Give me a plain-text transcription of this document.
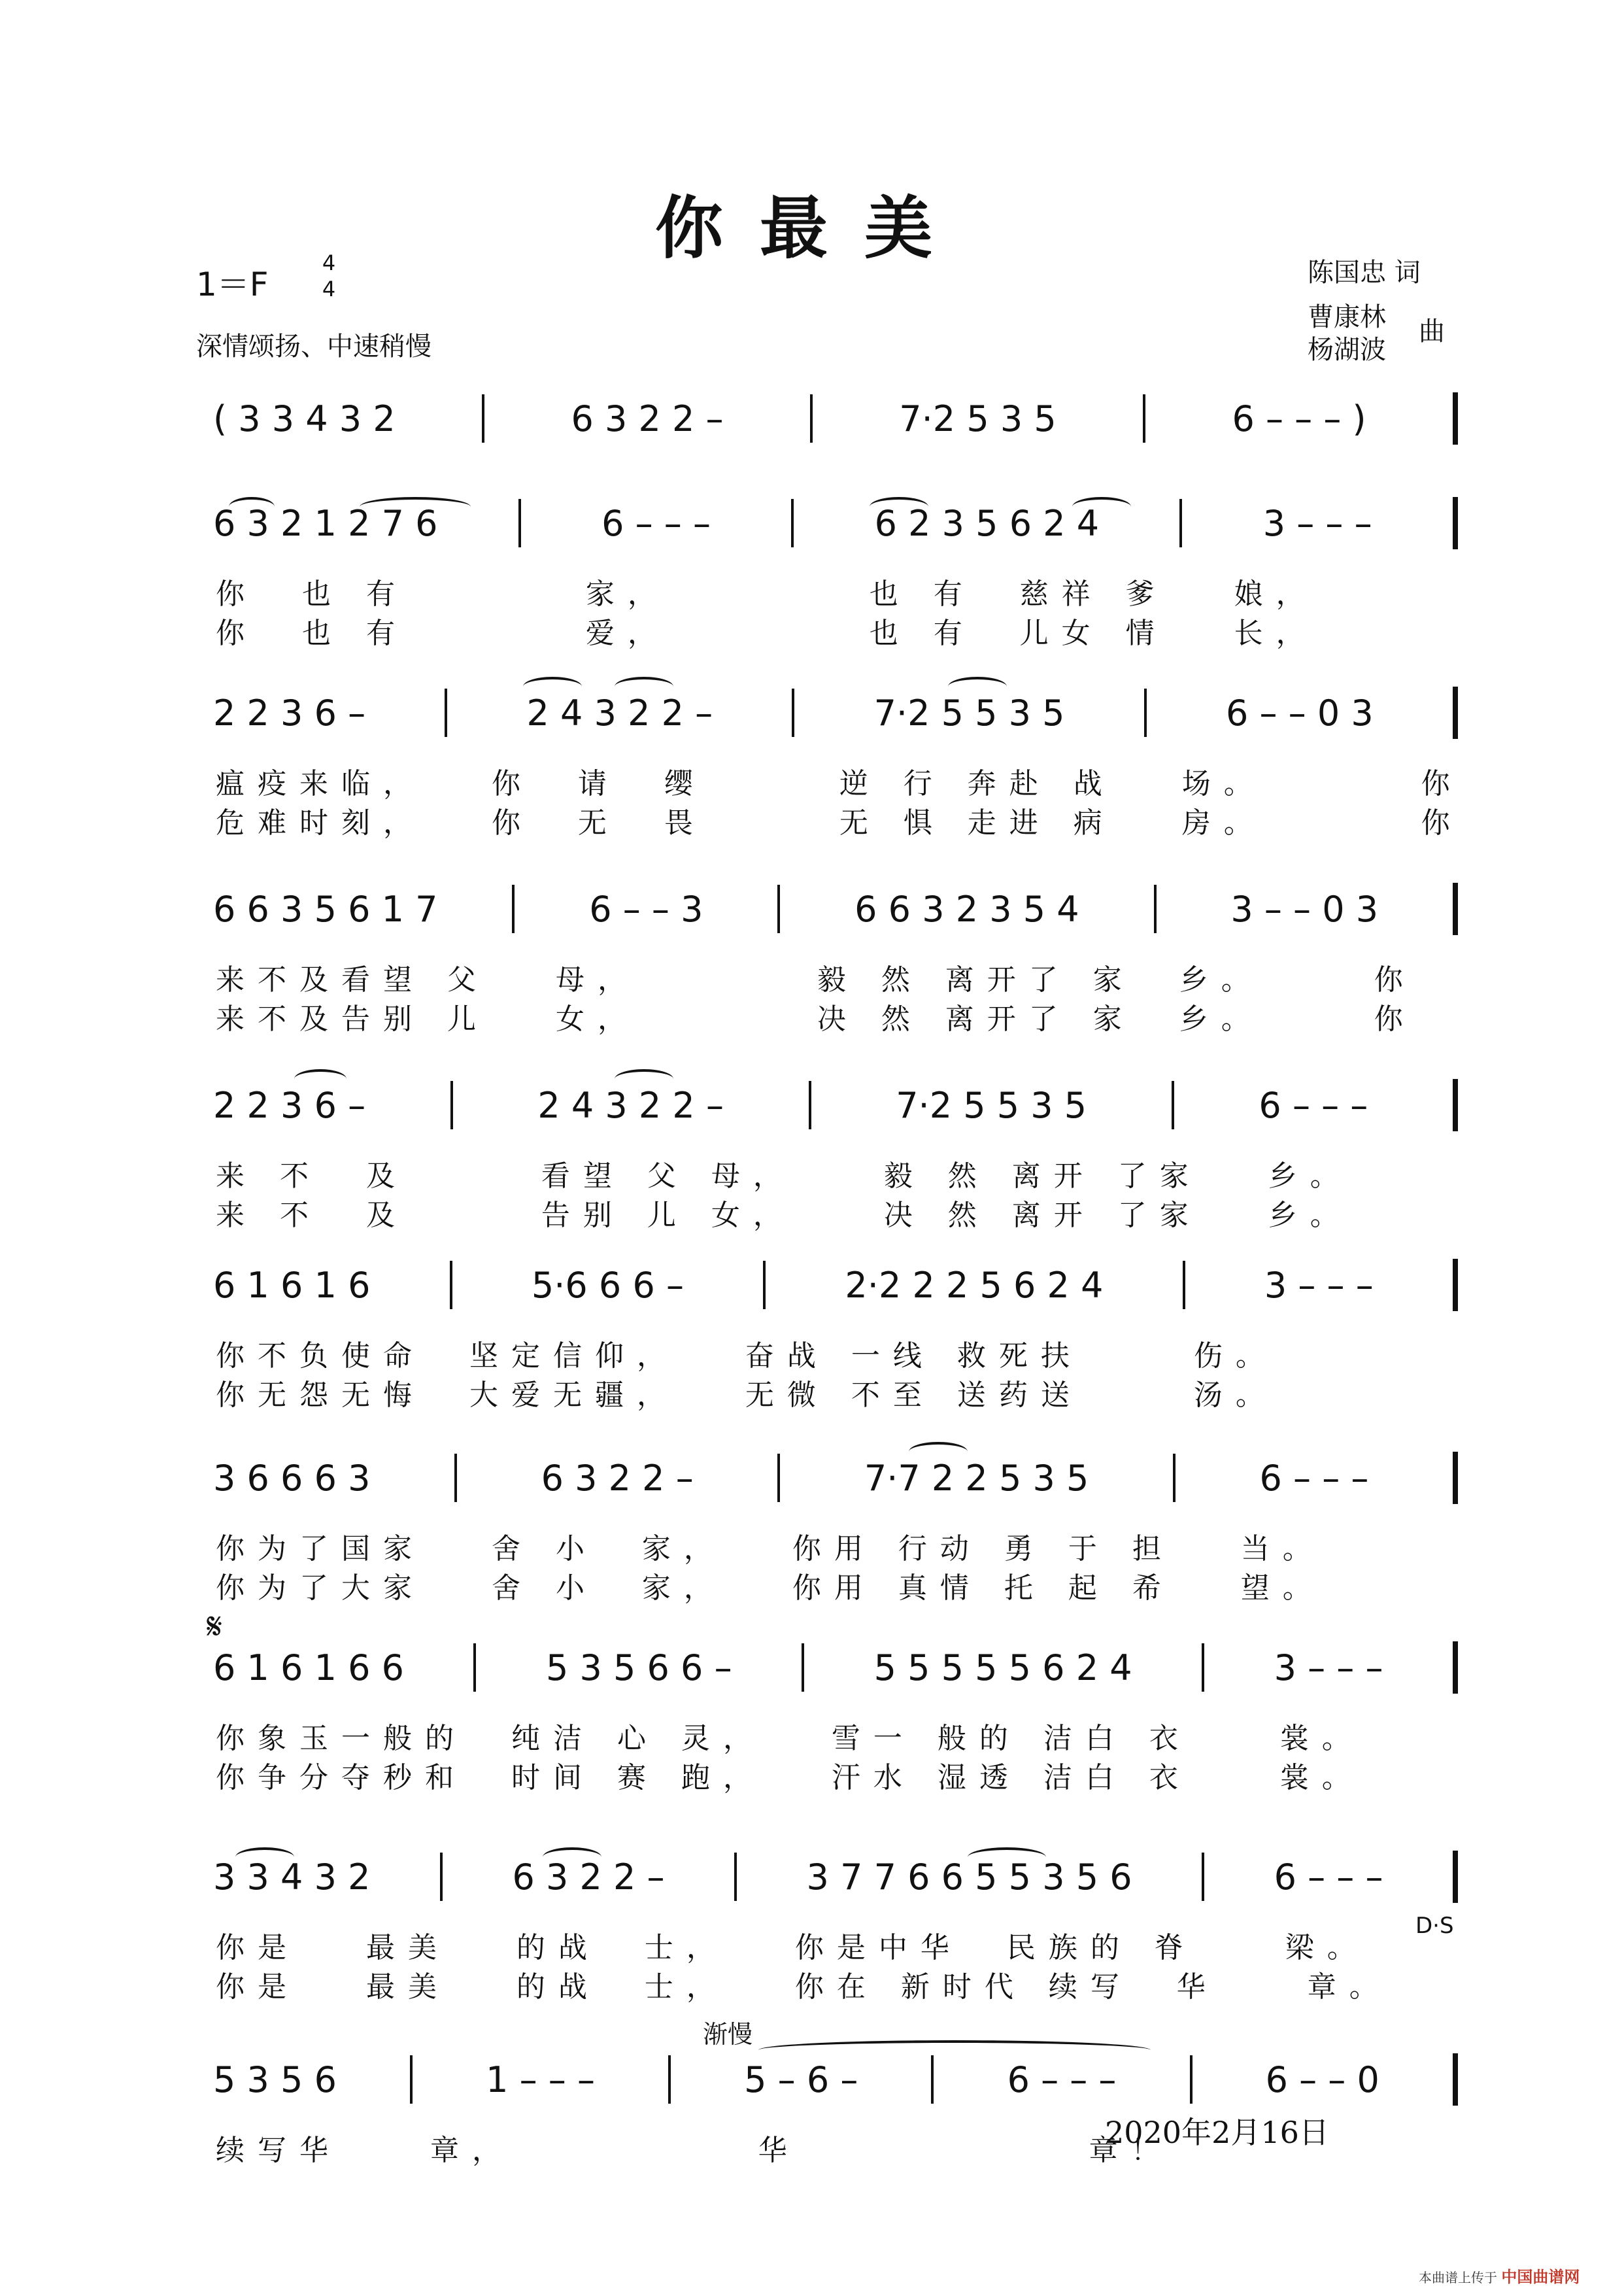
你最美
1＝F
4
4
深情颂扬、中速稍慢
陈国忠 词
曹康林
杨湖波
曲
( 3 3 4 3 2	6 3 2 2 –	7·2 5 3 5	6 – – – )
6 3 2 1 2 7 6	6 – – –	6 2 3 5 6 2 4	3 – – –
你  也 有        家，         也 有  慈祥 爹   娘，
你  也 有        爱，         也 有  儿女 情   长，
2 2 3 6 –	2 4 3 2 2 –	7·2 5 5 3 5	6 – – 0 3
瘟疫来临，   你  请  缨      逆 行 奔赴 战   场。       你
危难时刻，   你  无  畏      无 惧 走进 病   房。       你
6 6 3 5 6 1 7	6 – – 3	6 6 3 2 3 5 4	3 – – 0 3
来不及看望 父   母，        毅 然 离开了 家  乡。     你
来不及告别 儿   女，        决 然 离开了 家  乡。     你
2 2 3 6 –	2 4 3 2 2 –	7·2 5 5 3 5	6 – – –
来 不  及      看望 父 母，    毅 然 离开 了家   乡。
来 不  及      告别 儿 女，    决 然 离开 了家   乡。
6 1 6 1 6	5·6 6 6 –	2·2 2 2 5 6 2 4	3 – – –
你不负使命  坚定信仰，   奋战 一线 救死扶     伤。
你无怨无悔  大爱无疆，   无微 不至 送药送     汤。
3 6 6 6 3	6 3 2 2 –	7·7 2 2 5 3 5	6 – – –
你为了国家   舍 小  家，   你用 行动 勇 于 担   当。
你为了大家   舍 小  家，   你用 真情 托 起 希   望。
6 1 6 1 6 6	5 3 5 6 6 –	5 5 5 5 5 6 2 4	3 – – –
你象玉一般的  纯洁 心 灵，   雪一 般的 洁白 衣    裳。
你争分夺秒和  时间 赛 跑，   汗水 湿透 洁白 衣    裳。
3 3 4 3 2	6 3 2 2 –	3 7 7 6 6 5 5 3 5 6	6 – – –
你是   最美   的战  士，   你是中华  民族的 脊    梁。
你是   最美   的战  士，   你在 新时代 续写  华    章。
5 3 5 6	1 – – –	5 – 6 –	6 – – –	6 – – 0
续写华    章，           华             章！
𝄋
D·S
渐慢
2020年2月16日
本曲谱上传于 中国曲谱网
